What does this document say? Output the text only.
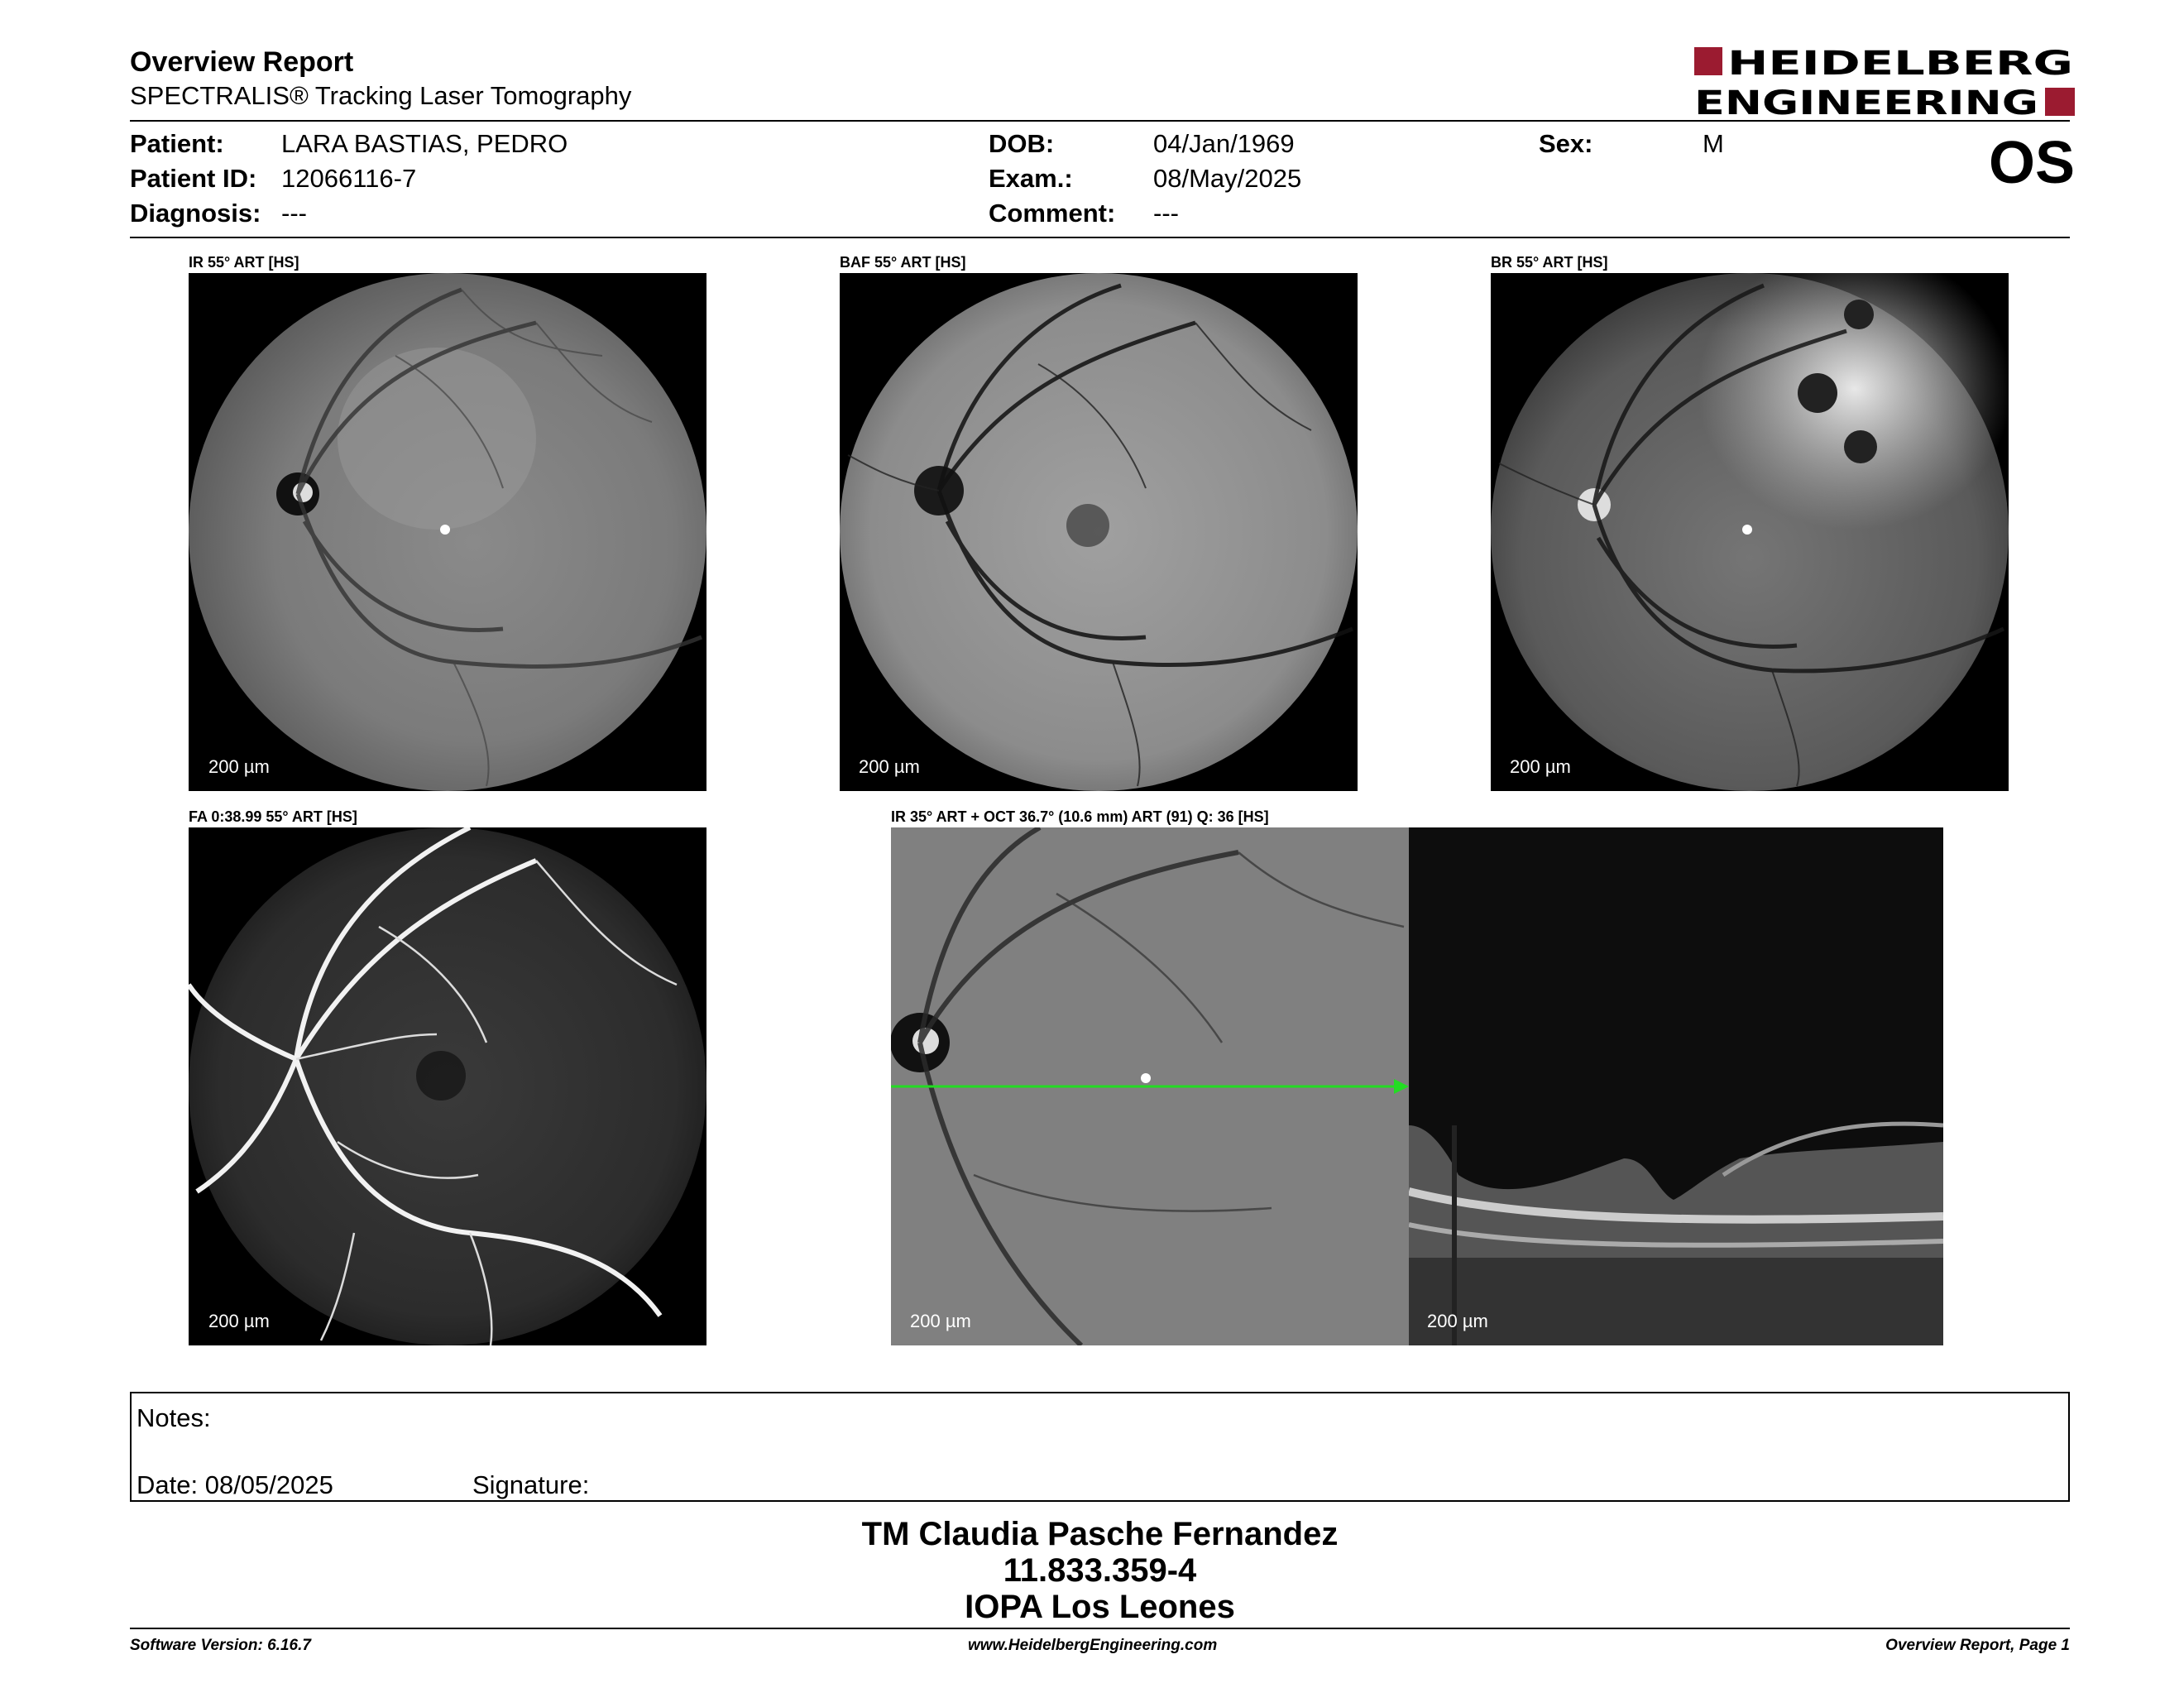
Overview Report
SPECTRALIS® Tracking Laser Tomography
HEIDELBERG
ENGINEERING
Patient: LARA BASTIAS, PEDRO
Patient ID: 12066116-7
Diagnosis: ---
DOB:	04/Jan/1969
Exam.:	08/May/2025
Comment: ---
Sex:	M	OS
IR 55° ART [HS]
200 µm
BAF 55° ART [HS]
200 µm
BR 55° ART [HS]
200 µm
FA 0:38.99 55° ART [HS]
200 µm
IR 35° ART + OCT 36.7° (10.6 mm) ART (91) Q: 36 [HS]
200 µm	200 µm
Notes:
Date: 08/05/2025	Signature:
TM Claudia Pasche Fernandez
11.833.359-4
IOPA Los Leones
Software Version: 6.16.7	www.HeidelbergEngineering.com	Overview Report, Page 1
